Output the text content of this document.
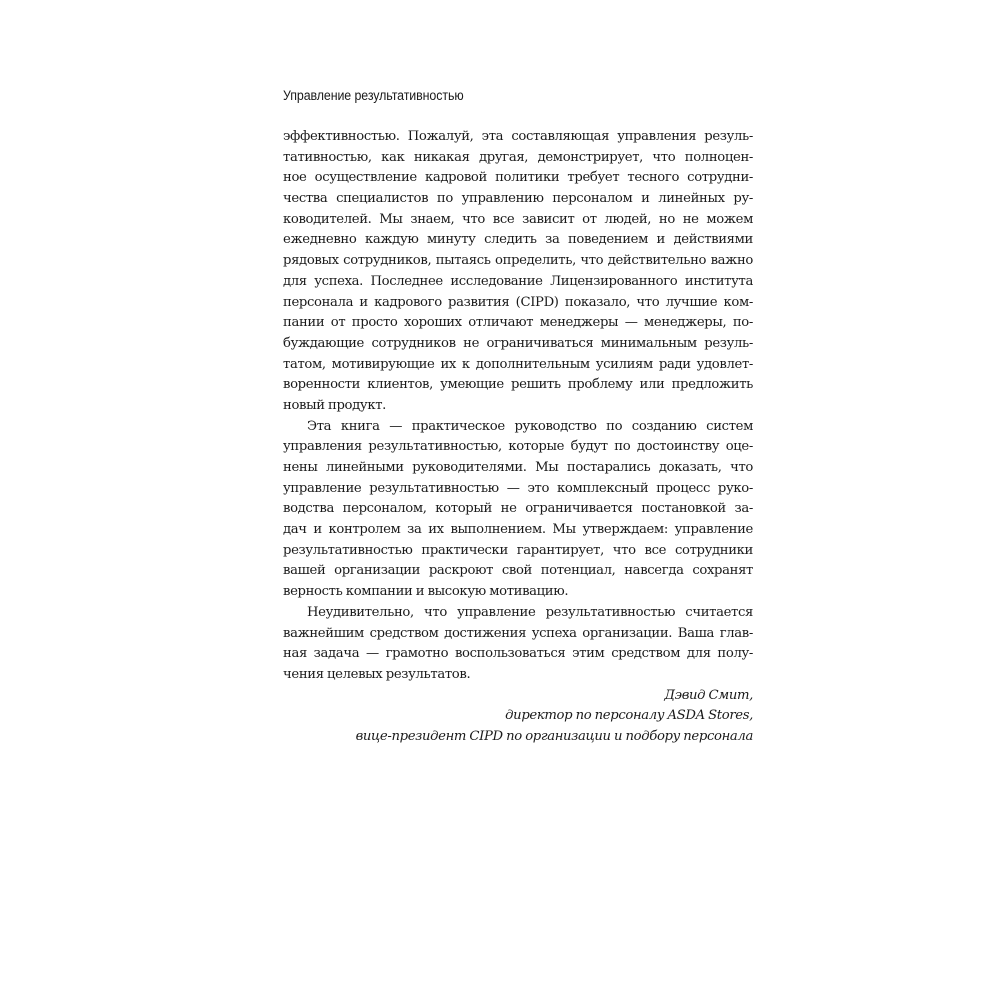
Управление результативностью
эффективностью. Пожалуй, эта составляющая управления резуль-
тативностью, как никакая другая, демонстрирует, что полноцен-
ное осуществление кадровой политики требует тесного сотрудни-
чества специалистов по управлению персоналом и линейных ру-
ководителей. Мы знаем, что все зависит от людей, но не можем
ежедневно каждую минуту следить за поведением и действиями
рядовых сотрудников, пытаясь определить, что действительно важно
для успеха. Последнее исследование Лицензированного института
персонала и кадрового развития (CIPD) показало, что лучшие ком-
пании от просто хороших отличают менеджеры — менеджеры, по-
буждающие сотрудников не ограничиваться минимальным резуль-
татом, мотивирующие их к дополнительным усилиям ради удовлет-
воренности клиентов, умеющие решить проблему или предложить
новый продукт.
Эта книга — практическое руководство по созданию систем
управления результативностью, которые будут по достоинству оце-
нены линейными руководителями. Мы постарались доказать, что
управление результативностью — это комплексный процесс руко-
водства персоналом, который не ограничивается постановкой за-
дач и контролем за их выполнением. Мы утверждаем: управление
результативностью практически гарантирует, что все сотрудники
вашей организации раскроют свой потенциал, навсегда сохранят
верность компании и высокую мотивацию.
Неудивительно, что управление результативностью считается
важнейшим средством достижения успеха организации. Ваша глав-
ная задача — грамотно воспользоваться этим средством для полу-
чения целевых результатов.
Дэвид Смит,
директор по персоналу ASDA Stores,
вице-президент CIPD по организации и подбору персонала
